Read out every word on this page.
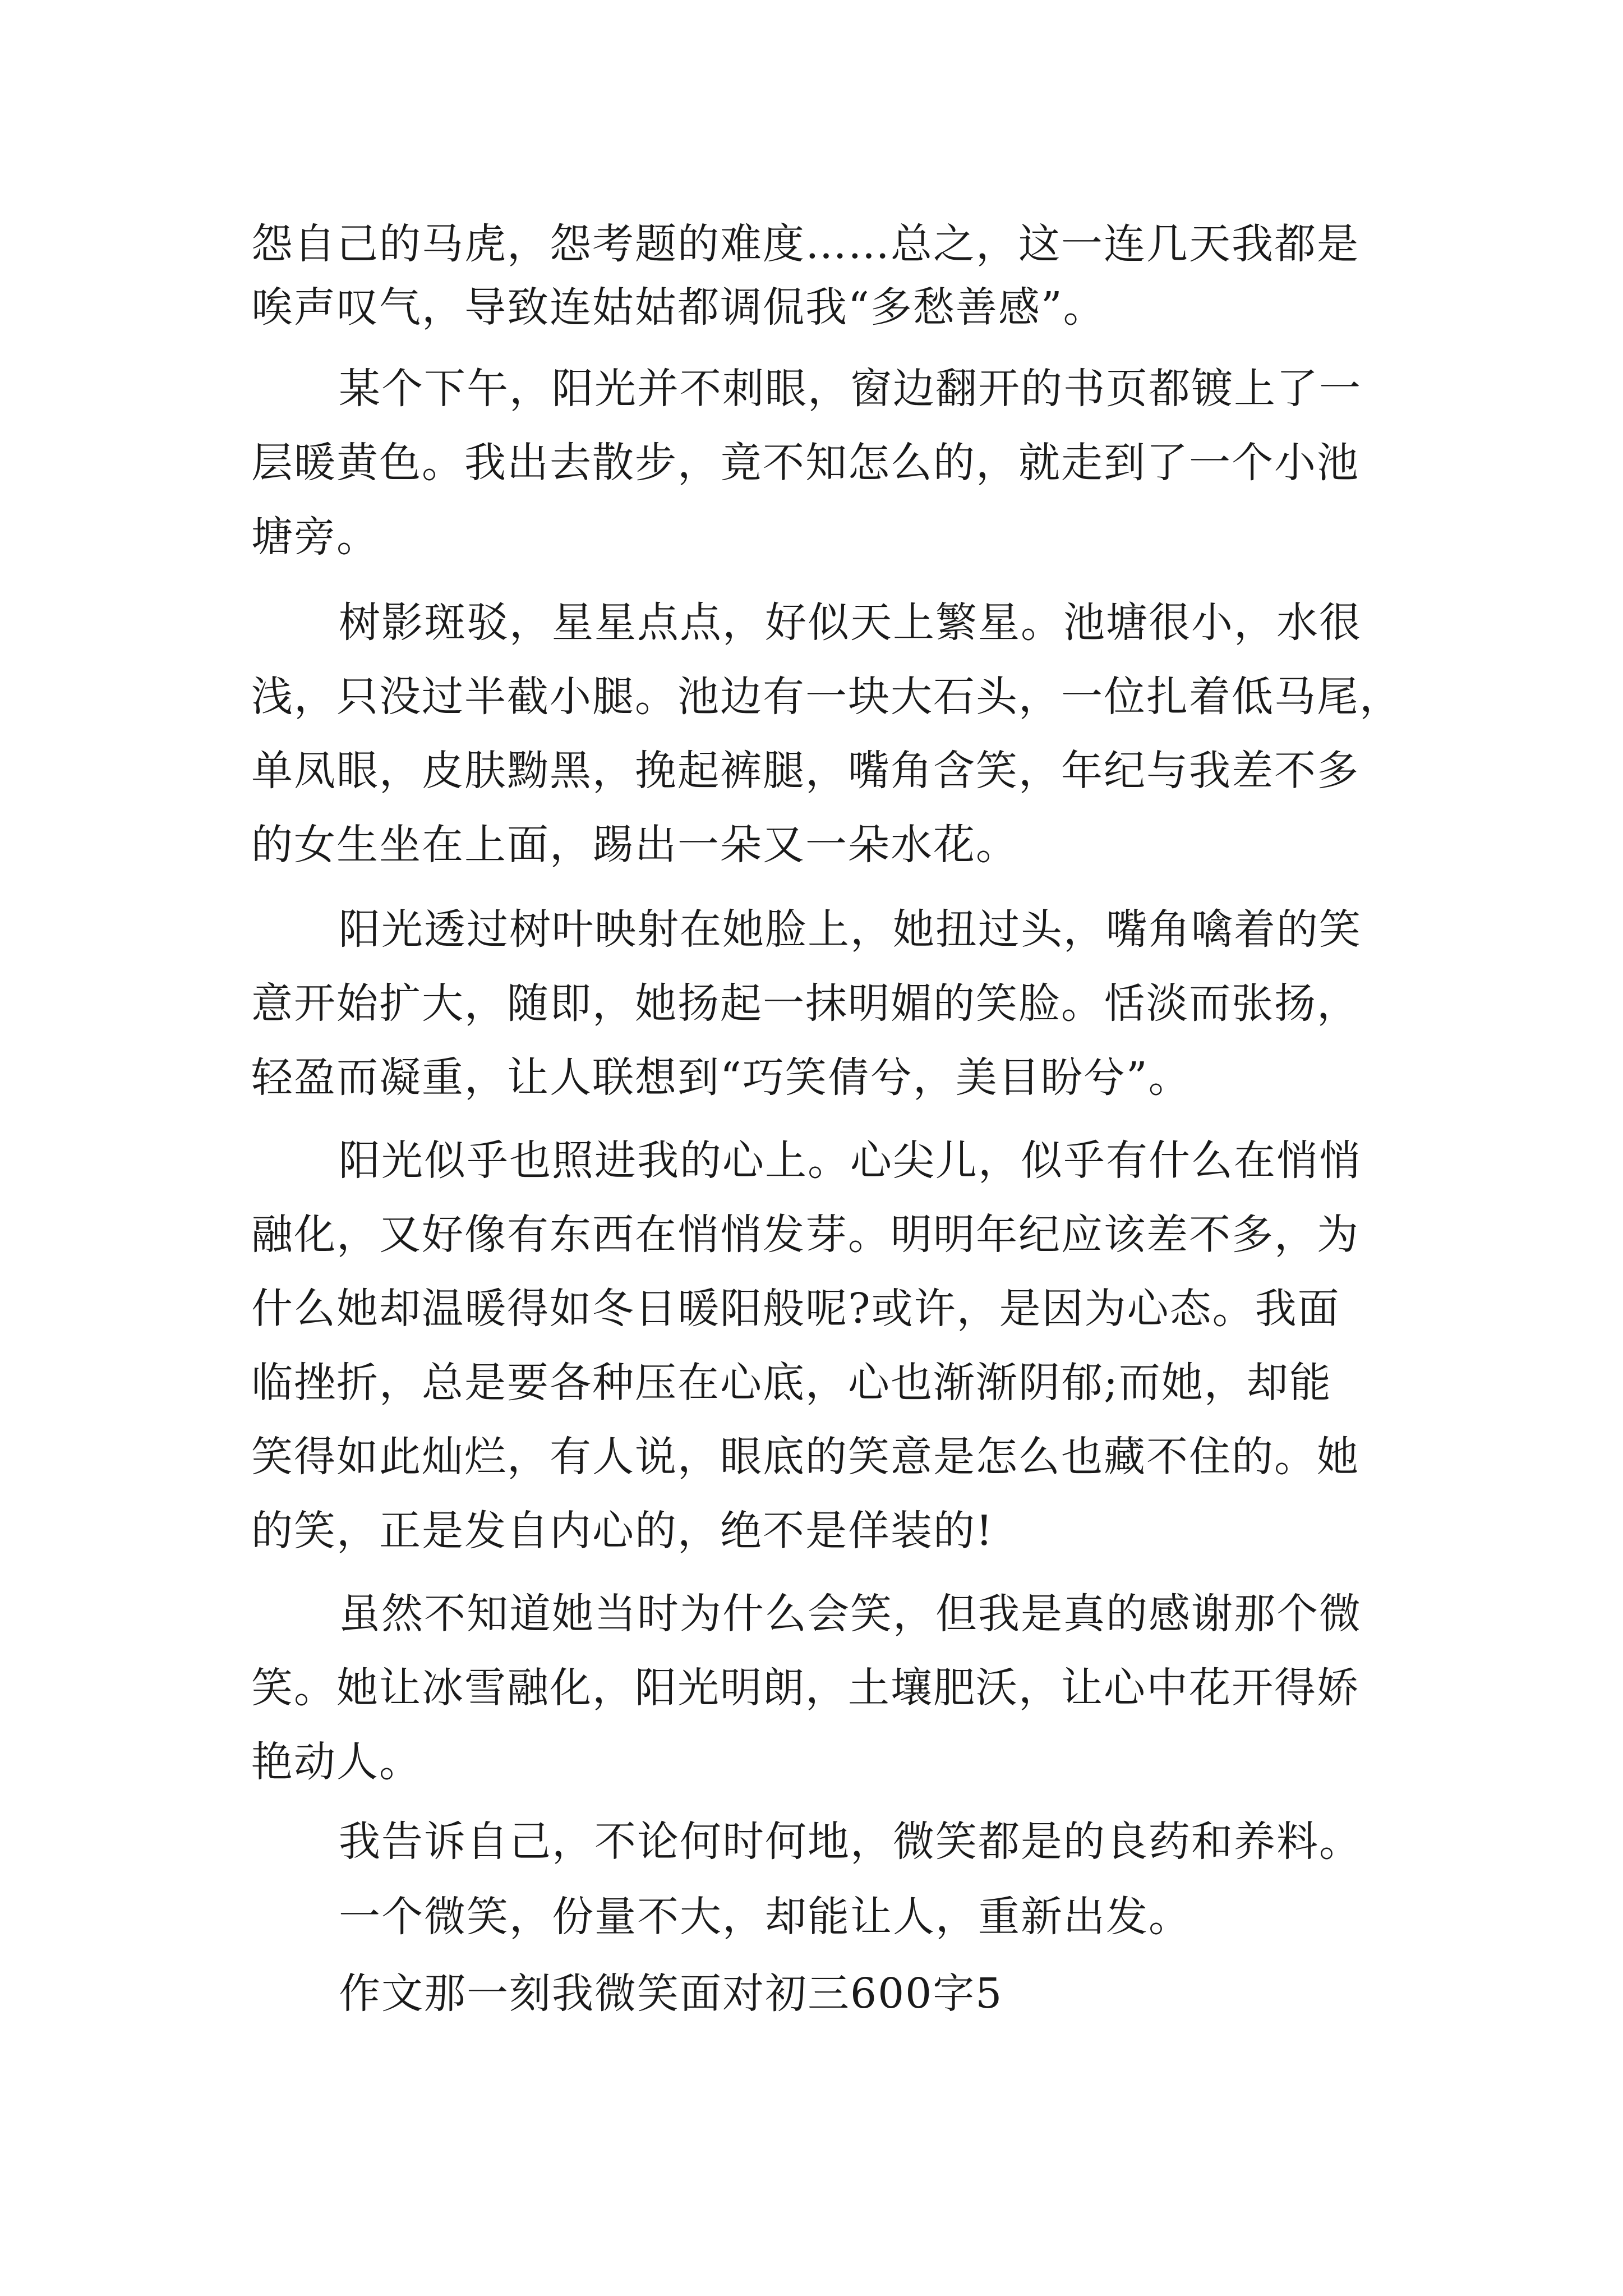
怨自己的马虎，怨考题的难度……总之，这一连几天我都是
唉声叹气，导致连姑姑都调侃我“多愁善感”。
某个下午，阳光并不刺眼，窗边翻开的书页都镀上了一
层暖黄色。我出去散步，竟不知怎么的，就走到了一个小池
塘旁。
树影斑驳，星星点点，好似天上繁星。池塘很小，水很
浅，只没过半截小腿。池边有一块大石头，一位扎着低马尾，
单凤眼，皮肤黝黑，挽起裤腿，嘴角含笑，年纪与我差不多
的女生坐在上面，踢出一朵又一朵水花。
阳光透过树叶映射在她脸上，她扭过头，嘴角噙着的笑
意开始扩大，随即，她扬起一抹明媚的笑脸。恬淡而张扬，
轻盈而凝重，让人联想到“巧笑倩兮，美目盼兮”。
阳光似乎也照进我的心上。心尖儿，似乎有什么在悄悄
融化，又好像有东西在悄悄发芽。明明年纪应该差不多，为
什么她却温暖得如冬日暖阳般呢?或许，是因为心态。我面
临挫折，总是要各种压在心底，心也渐渐阴郁;而她，却能
笑得如此灿烂，有人说，眼底的笑意是怎么也藏不住的。她
的笑，正是发自内心的，绝不是佯装的!
虽然不知道她当时为什么会笑，但我是真的感谢那个微
笑。她让冰雪融化，阳光明朗，土壤肥沃，让心中花开得娇
艳动人。
我告诉自己，不论何时何地，微笑都是的良药和养料。
一个微笑，份量不大，却能让人，重新出发。
作文那一刻我微笑面对初三600字5
